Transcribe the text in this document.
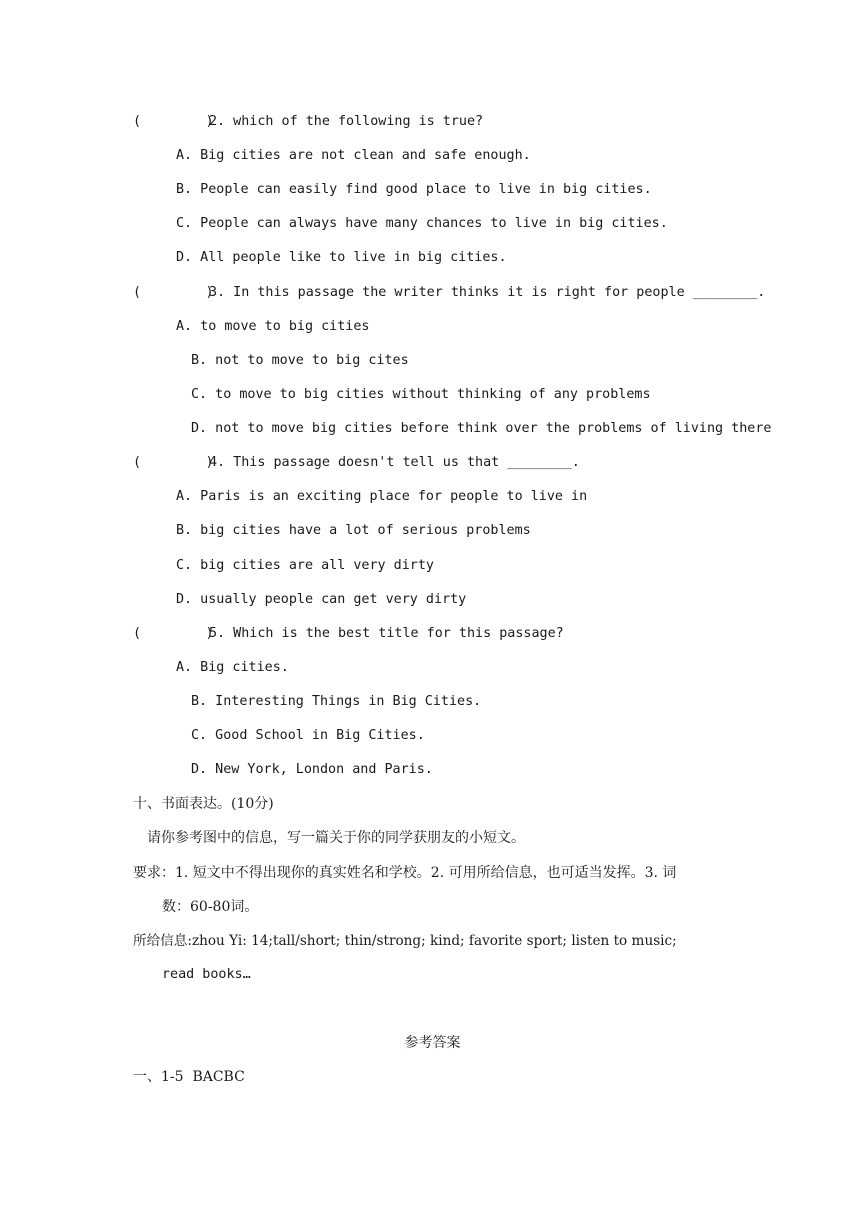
(        )2. which of the following is true?
A. Big cities are not clean and safe enough.
B. People can easily find good place to live in big cities.
C. People can always have many chances to live in big cities.
D. All people like to live in big cities.
(        )3. In this passage the writer thinks it is right for people ________.
A. to move to big cities
B. not to move to big cites
C. to move to big cities without thinking of any problems
D. not to move big cities before think over the problems of living there
(        )4. This passage doesn't tell us that ________.
A. Paris is an exciting place for people to live in
B. big cities have a lot of serious problems
C. big cities are all very dirty
D. usually people can get very dirty
(        )5. Which is the best title for this passage?
A. Big cities.
B. Interesting Things in Big Cities.
C. Good School in Big Cities.
D. New York, London and Paris.
十、书面表达。(10分)
请你参考图中的信息，写一篇关于你的同学获朋友的小短文。
要求：1. 短文中不得出现你的真实姓名和学校。2. 可用所给信息，也可适当发挥。3. 词
数：60-80词。
所给信息:zhou Yi: 14;tall/short; thin/strong; kind; favorite sport; listen to music;
read books…
参考答案
一、1-5  BACBC
